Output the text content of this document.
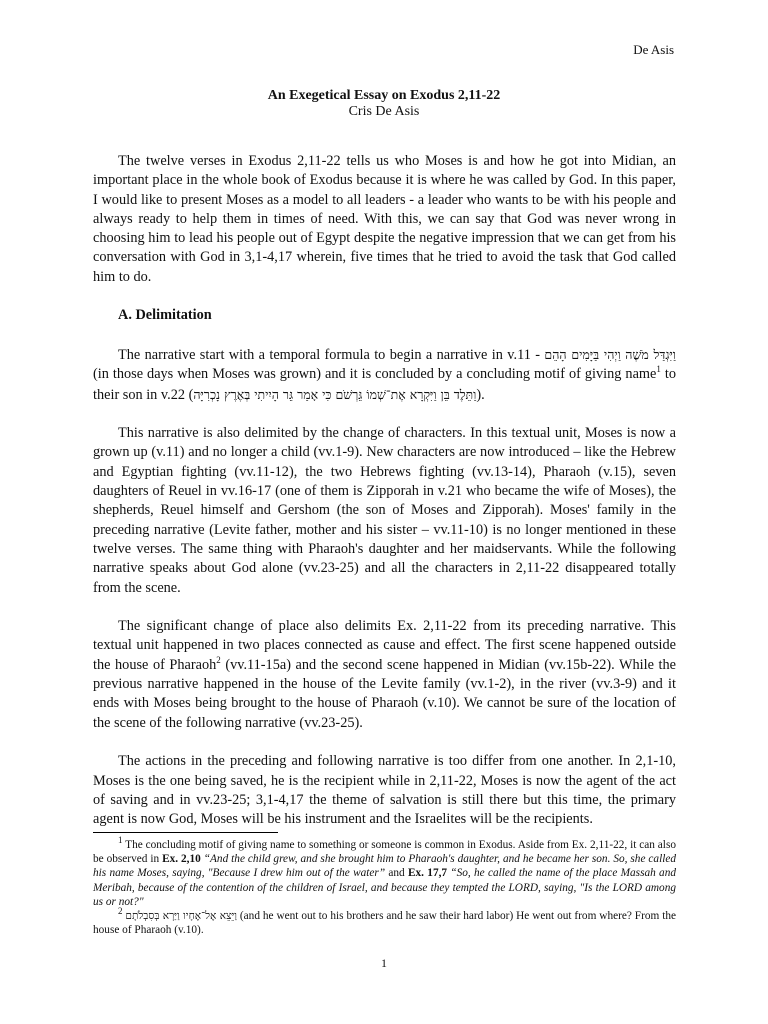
De Asis
An Exegetical Essay on Exodus 2,11-22
Cris De Asis

The twelve verses in Exodus 2,11-22 tells us who Moses is and how he got into Midian, an important place in the whole book of Exodus because it is where he was called by God. In this paper, I would like to present Moses as a model to all leaders - a leader who wants to be with his people and always ready to help them in times of need. With this, we can say that God was never wrong in choosing him to lead his people out of Egypt despite the negative impression that we can get from his conversation with God in 3,1-4,17 wherein, five times that he tried to avoid the task that God called him to do.

A. Delimitation

The narrative start with a temporal formula to begin a narrative in v.11 - וַיְהִי בַּיָּמִים הָהֵם וַיִּגְדַּל מֹשֶׁה (in those days when Moses was grown) and it is concluded by a concluding motif of giving name$^1$ to their son in v.22 (וַתֵּלֶד בֵּן וַיִּקְרָא אֶת־שְׁמוֹ גֵּרְשֹׁם כִּי אָמַר גֵּר הָיִיתִי בְּאֶרֶץ נָכְרִיָּה).

This narrative is also delimited by the change of characters. In this textual unit, Moses is now a grown up (v.11) and no longer a child (vv.1-9). New characters are now introduced – like the Hebrew and Egyptian fighting (vv.11-12), the two Hebrews fighting (vv.13-14), Pharaoh (v.15), seven daughters of Reuel in vv.16-17 (one of them is Zipporah in v.21 who became the wife of Moses), the shepherds, Reuel himself and Gershom (the son of Moses and Zipporah). Moses' family in the preceding narrative (Levite father, mother and his sister – vv.11-10) is no longer mentioned in these twelve verses. The same thing with Pharaoh's daughter and her maidservants. While the following narrative speaks about God alone (vv.23-25) and all the characters in 2,11-22 disappeared totally from the scene.

The significant change of place also delimits Ex. 2,11-22 from its preceding narrative. This textual unit happened in two places connected as cause and effect. The first scene happened outside the house of Pharaoh$^2$ (vv.11-15a) and the second scene happened in Midian (vv.15b-22). While the previous narrative happened in the house of the Levite family (vv.1-2), in the river (vv.3-9) and it ends with Moses being brought to the house of Pharaoh (v.10). We cannot be sure of the location of the scene of the following narrative (vv.23-25).

The actions in the preceding and following narrative is too differ from one another. In 2,1-10, Moses is the one being saved, he is the recipient while in 2,11-22, Moses is now the agent of the act of saving and in vv.23-25; 3,1-4,17 the theme of salvation is still there but this time, the primary agent is now God, Moses will be his instrument and the Israelites will be the recipients.

$^1$ The concluding motif of giving name to something or someone is common in Exodus. Aside from Ex. 2,11-22, it can also be observed in Ex. 2,10 “And the child grew, and she brought him to Pharaoh's daughter, and he became her son. So, she called his name Moses, saying, "Because I drew him out of the water” and Ex. 17,7 “So, he called the name of the place Massah and Meribah, because of the contention of the children of Israel, and because they tempted the LORD, saying, "Is the LORD among us or not?"

$^2$ וַיֵּצֵא אֶל־אֶחָיו וַיַּרְא בְּסִבְלֹתָם (and he went out to his brothers and he saw their hard labor) He went out from where? From the house of Pharaoh (v.10).

1
